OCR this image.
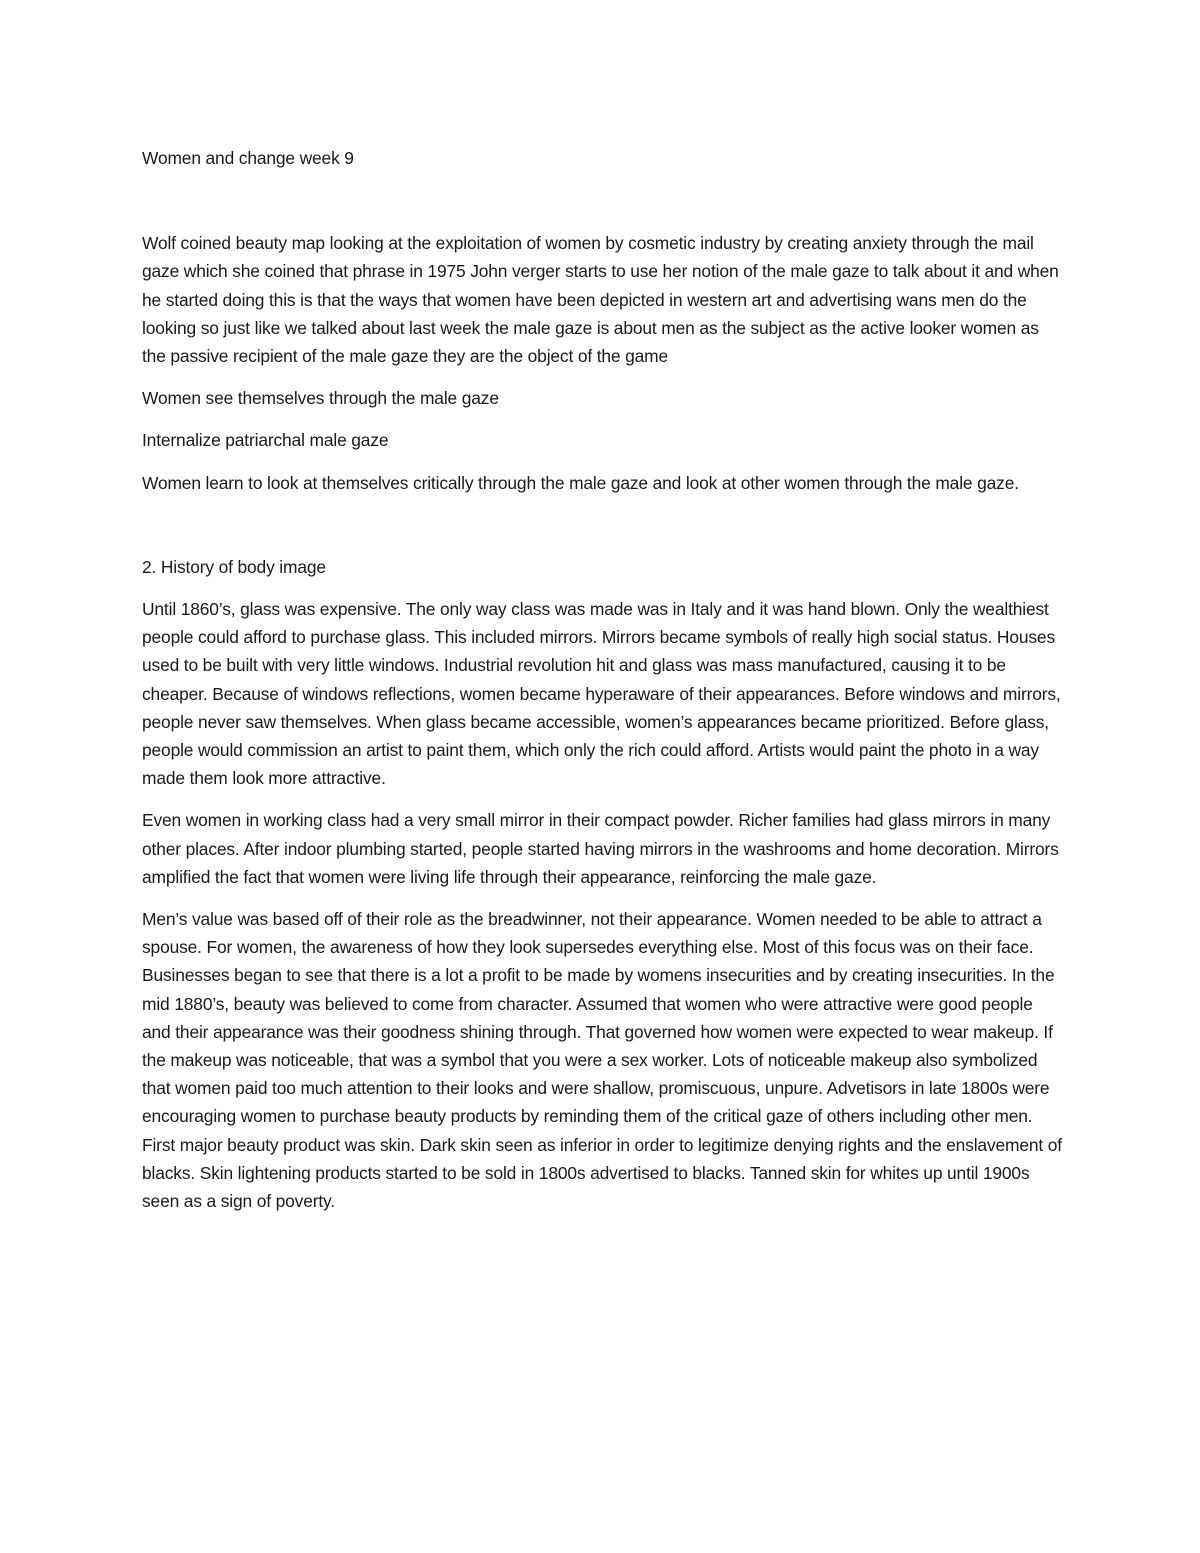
Women and change week 9

Wolf coined beauty map looking at the exploitation of women by cosmetic industry by creating anxiety through the mail gaze which she coined that phrase in 1975 John verger starts to use her notion of the male gaze to talk about it and when he started doing this is that the ways that women have been depicted in western art and advertising wans men do the looking so just like we talked about last week the male gaze is about men as the subject as the active looker women as the passive recipient of the male gaze they are the object of the game

Women see themselves through the male gaze

Internalize patriarchal male gaze

Women learn to look at themselves critically through the male gaze and look at other women through the male gaze.

2. History of body image

Until 1860’s, glass was expensive. The only way class was made was in Italy and it was hand blown. Only the wealthiest people could afford to purchase glass. This included mirrors. Mirrors became symbols of really high social status. Houses used to be built with very little windows. Industrial revolution hit and glass was mass manufactured, causing it to be cheaper. Because of windows reflections, women became hyperaware of their appearances. Before windows and mirrors, people never saw themselves. When glass became accessible, women’s appearances became prioritized. Before glass, people would commission an artist to paint them, which only the rich could afford. Artists would paint the photo in a way made them look more attractive.

Even women in working class had a very small mirror in their compact powder. Richer families had glass mirrors in many other places. After indoor plumbing started, people started having mirrors in the washrooms and home decoration. Mirrors amplified the fact that women were living life through their appearance, reinforcing the male gaze.

Men’s value was based off of their role as the breadwinner, not their appearance. Women needed to be able to attract a spouse. For women, the awareness of how they look supersedes everything else. Most of this focus was on their face. Businesses began to see that there is a lot a profit to be made by womens insecurities and by creating insecurities. In the mid 1880’s, beauty was believed to come from character. Assumed that women who were attractive were good people and their appearance was their goodness shining through. That governed how women were expected to wear makeup. If the makeup was noticeable, that was a symbol that you were a sex worker. Lots of noticeable makeup also symbolized that women paid too much attention to their looks and were shallow, promiscuous, unpure. Advetisors in late 1800s were encouraging women to purchase beauty products by reminding them of the critical gaze of others including other men. First major beauty product was skin. Dark skin seen as inferior in order to legitimize denying rights and the enslavement of blacks. Skin lightening products started to be sold in 1800s advertised to blacks. Tanned skin for whites up until 1900s seen as a sign of poverty.
